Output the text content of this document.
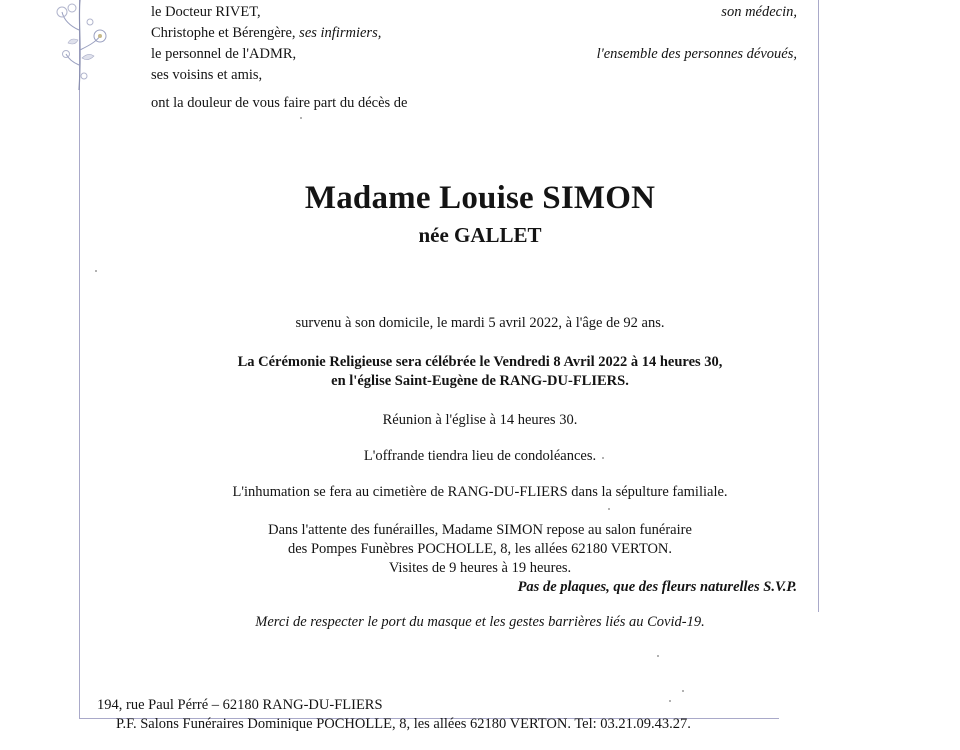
le Docteur RIVET,
Christophe et Bérengère, ses infirmiers,
le personnel de l'ADMR,
ses voisins et amis,
son médecin,
l'ensemble des personnes dévoués,
ont la douleur de vous faire part du décès de
Madame Louise SIMON
née GALLET
survenu à son domicile, le mardi 5 avril 2022, à l'âge de 92 ans.
La Cérémonie Religieuse sera célébrée le Vendredi 8 Avril 2022 à 14 heures 30,
en l'église Saint-Eugène de RANG-DU-FLIERS.
Réunion à l'église à 14 heures 30.
L'offrande tiendra lieu de condoléances.
L'inhumation se fera au cimetière de RANG-DU-FLIERS dans la sépulture familiale.
Dans l'attente des funérailles, Madame SIMON repose au salon funéraire
des Pompes Funèbres POCHOLLE, 8, les allées 62180 VERTON.
Visites de 9 heures à 19 heures.
Pas de plaques, que des fleurs naturelles S.V.P.
Merci de respecter le port du masque et les gestes barrières liés au Covid-19.
194, rue Paul Pérré – 62180 RANG-DU-FLIERS
P.F. Salons Funéraires Dominique POCHOLLE, 8, les allées 62180 VERTON. Tel: 03.21.09.43.27.
